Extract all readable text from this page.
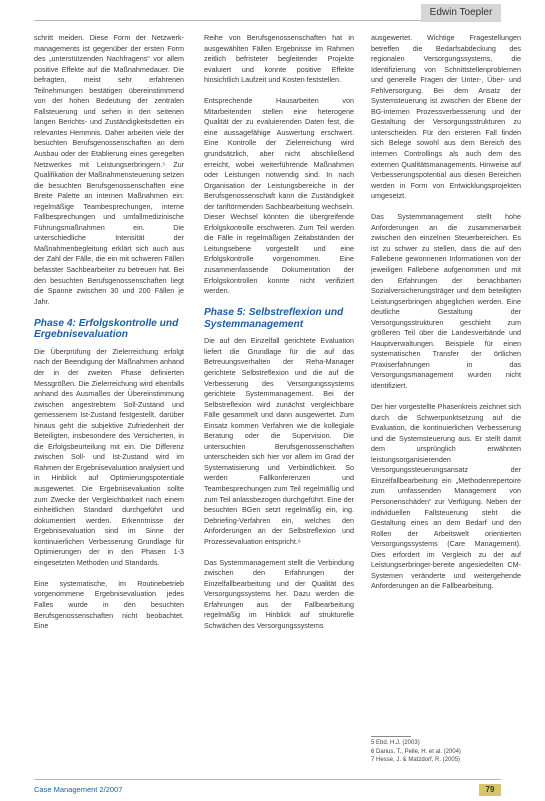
Edwin Toepler

schritt meiden. Diese Form der Netzwerk-managements ist gegenüber der ersten Form des „unterstützenden Nachfragens“ vor allem positive Effekte auf die Maßnahmedauer. Die befragten, meist sehr erfahrenen Teilnehmungen bestätigen übereinstimmend von der hohen Bedeutung der zentralen Fallsteuerung und sehen in den seitenen langen Berichts- und Zuständigkeitsdetten ein relevantes Hemmnis. Daher arbeiten viele der besuchten Berufsgenossenschaften an dem Ausbau oder der Etablierung eines geregelten Netzwerkes mit Leistungserbringern.⁵ Zur Qualifikation der Maßnahmensteuerung setzen die besuchten Berufsgenossenschaften eine Breite Palette an internen Maßnahmen ein: regelmäßige Teambesprechungen, interne Fallbesprechungen und umfallmedizinische Führungsmaßnahmen ein. Die unterschiedliche Intensität der Maßnahmenbegleitung erklärt sich auch aus der Zahl der Fälle, die ein mit schweren Fällen befasster Sachbearbeiter zu betreuen hat. Bei den besuchten Berufsgenossenschaften liegt die Spanne zwischen 30 und 200 Fällen je Jahr.

Phase 4: Erfolgskontrolle und Ergebnisevaluation

Die Überprüfung der Zielerreichung erfolgt nach der Beendigung der Maßnahmen anhand der in der zweiten Phase definierten Messgrößen. Die Zielerreichung wird ebenfalls anhand des Ausmaßes der Übereinstimmung zwischen angestrebtem Soll-Zustand und gemessenem Ist-Zustand festgestellt, darüber hinaus geht die subjektive Zufriedenheit der Beteiligten, insbesondere des Versicherten, in die Erfolgsbeurteilung mit ein. Die Differenz zwischen Soll- und Ist-Zustand wird im Rahmen der Ergebnisevaluation analysiert und in Hinblick auf Optimierungspotentiale ausgewertet. Die Ergebnisevaluation sollte zum Zwecke der Vergleichbarkeit nach einem einheitlichen Standard durchgeführt und dokumentiert werden. Erkenntnisse der Ergebnisevaluation sind im Sinne der kontinuierlichen Verbesserung Grundlage für Optimierungen der in den Phasen 1-3 eingesetzten Methoden und Standards.

Eine systematische, im Routinebetrieb vorgenommene Ergebnisevaluation jedes Falles wurde in den besuchten Berufsgenossenschaften nicht beobachtet. Eine

Reihe von Berufsgenossenschaften hat in ausgewählten Fällen Ergebnisse im Rahmen zeitlich befristeter begleitender Projekte evaluiert und konnte positive Effekte hinsichtlich Laufzeit und Kosten feststellen.

Entsprechende Hausarbeiten von Mitarbeitenden stellen eine heterogene Qualität der zu evaluierenden Daten fest, die eine aussagefähige Auswertung erschwert. Eine Kontrolle der Zielerreichung wird grundsätzlich, aber nicht abschließend erreicht, wobei weiterführende Maßnahmen oder Leistungen notwendig sind. In nach Organisation der Leistungsbereiche in der Berufsgenossenschaft kann die Zuständigkeit der tariftörmenden Sachbearbeitung wechseln. Dieser Wechsel könnten die übergreifende Erfolgskontrolle erschweren. Zum Teil werden die Fälle in regelmäßigen Zeitabständen der Leitungsebene vorgestellt und eine Erfolgskontrolle vorgenommen. Eine zusammenfassende Dokumentation der Erfolgskontrollen konnte nicht verifiziert werden.

Phase 5: Selbstreflexion und Systemmanagement

Die auf den Einzelfall gerichtete Evaluation liefert die Grundlage für die auf das Betreuungsverhalten der Reha-Manager gerichtete Selbstreflexion und die auf die Verbesserung des Versorgungssystems gerichtete Systemmanagement. Bei der Selbstreflexion wird zunächst vergleichbare Fälle gesammelt und dann ausgewertet. Zum Einsatz kommen Verfahren wie die kollegiale Beratung oder die Supervision. Die untersuchten Berufsgenossenschaften unterscheiden sich hier vor allem im Grad der Systematisierung und Verbindlichkeit. So werden Fallkonferenzen und Teambesprechungen zum Teil regelmäßig und zum Teil anlassbezogen durchgeführt. Eine der besuchten BGen setzt regelmäßig ein, ing. Debriefing-Verfahren ein, welches den Anforderungen an der Selbstreflexion und Prozessevaluation entspricht.⁶

Das Systemmanagement stellt die Verbindung zwischen den Erfahrungen der Einzelfallbearbeitung und der Qualität des Versorgungssystems her. Dazu werden die Erfahrungen aus der Fallbearbeitung regelmäßig im Hinblick auf strukturelle Schwächen des Versorgungssystems

ausgewertet. Wichtige Fragestellungen betreffen die Bedarfsabdeckung des regionalen Versorgungssystems, die Identifizierung von Schnittstellenproblemen und generelle Fragen der Unter-, Über- und Fehlversorgung. Bei dem Ansatz der Systemsteuerung ist zwischen der Ebene der BG-internen Prozessverbesserung und der Gestaltung der Versorgungsstrukturen zu unterscheiden. Für den ersteren Fall finden sich Belege sowohl aus dem Bereich des internen Controllings als auch dem des externen Qualitätsmanagements. Hinweise auf Verbesserungspotential aus diesen Bereichen werden in Form von Entwicklungsprojekten umgesetzt.

Das Systemmanagement stellt hohe Anforderungen an die zusammenarbeit zwischen den einzelnen Steuerbereichen. Es ist zu schwer zu stellen, dass die auf den Fallebene gewonnenen Informationen von der jeweiligen Fallebene aufgenommen und mit den Erfahrungen der benachbarten Sozialversicherungsträger und dem beteiligten Leistungserbringen abgeglichen werden. Eine deutliche Gestaltung der Versorgungsstrukturen geschieht zum größeren Teil über die Landesverbände und Hauptverwaltungen. Beispiele für einen systematischen Transfer der örtlichen Praxiserfahrungen in das Versorgungsmanagement wurden nicht identifiziert.

Der hier vorgestellte Phasenkreis zeichnet sich durch die Schwerpunktsetzung auf die Evaluation, die kontinuierlichen Verbesserung und die Systemsteuerung aus. Er stellt damit dem ursprünglich erwähnten leistungsorganisierenden Versorgungssteuerungsansatz der Einzelfallbearbeitung ein „Methodenrepertoire zum umfassenden Management von Personenschäden“ zur Verfügung. Neben der individuellen Fallsteuerung steht die Gestaltung eines an dem Bedarf und den Rollen der Arbeitswelt orientierten Versorgungssystems (Care Management). Dies erfordert im Vergleich zu der auf Leistungserbringer-bereite angesiedelten CM-Systemen veränderte und weitergehende Anforderungen an die Fallbearbeitung.

5 Ebd. H.J. (2003)
6 Darius, T., Pelle, H. et al. (2004)
7 Hesse, J. & Matzdorf, R. (2005)
Case Management 2/2007	79
